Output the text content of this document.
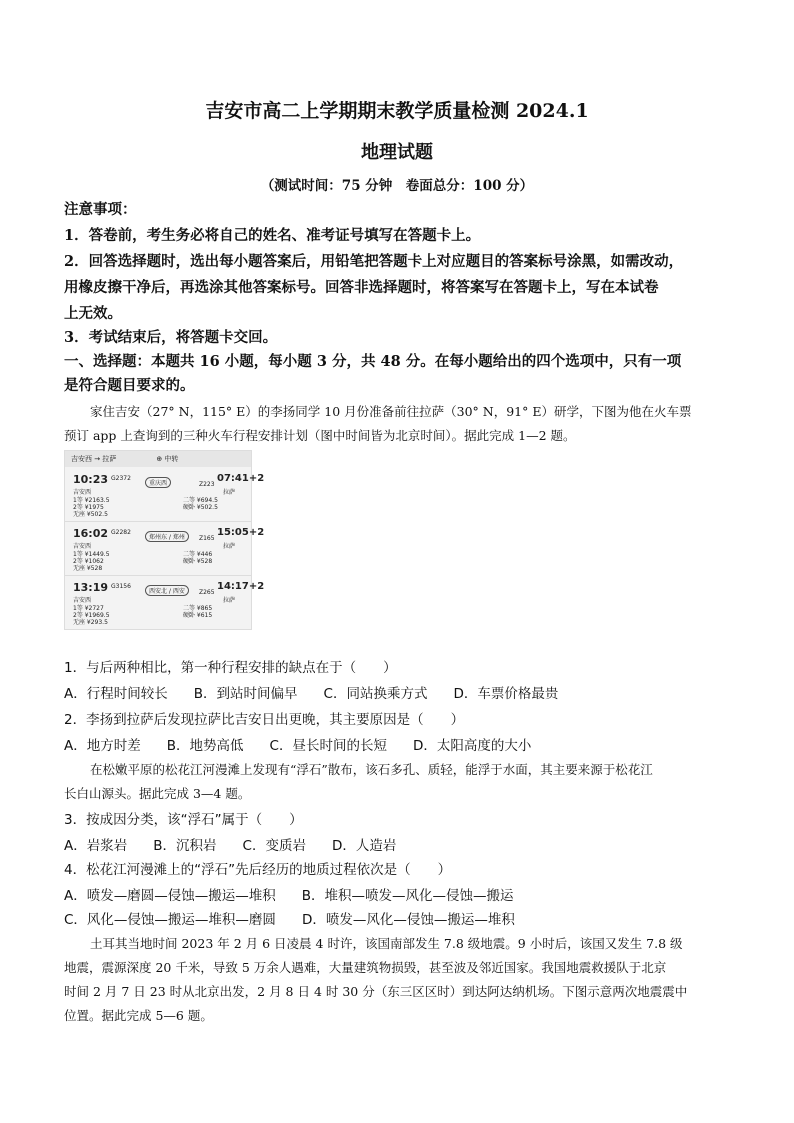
吉安市高二上学期期末教学质量检测 2024.1
地理试题
（测试时间：75 分钟　卷面总分：100 分）
注意事项：
1．答卷前，考生务必将自己的姓名、准考证号填写在答题卡上。
2．回答选择题时，选出每小题答案后，用铅笔把答题卡上对应题目的答案标号涂黑，如需改动，
用橡皮擦干净后，再选涂其他答案标号。回答非选择题时，将答案写在答题卡上，写在本试卷
上无效。
3．考试结束后，将答题卡交回。
一、选择题：本题共 16 小题，每小题 3 分，共 48 分。在每小题给出的四个选项中，只有一项
是符合题目要求的。
家住吉安（27° N，115° E）的李扬同学 10 月份准备前往拉萨（30° N，91° E）研学，下图为他在火车票
预订 app 上查询到的三种火车行程安排计划（图中时间皆为北京时间）。据此完成 1—2 题。
吉安西 → 拉萨	⊕ 中转
10:23
吉安西
G2372
重庆西	Z223
07:41+2
拉萨
1等 ¥2163.5
2等 ¥1975
无座 ¥502.5
二等 ¥694.5
硬卧 ¥502.5
16:02
吉安西
G2282
郑州东 / 郑州	Z165
15:05+2
拉萨
1等 ¥1449.5
2等 ¥1062
无座 ¥528
二等 ¥446
硬卧 ¥528
13:19
吉安西
G3156
西安北 / 西安	Z265
14:17+2
拉萨
1等 ¥2727
2等 ¥1969.5
无座 ¥293.5
二等 ¥865
硬卧 ¥615
1．与后两种相比，第一种行程安排的缺点在于（　　）
A．行程时间较长 B．到站时间偏早 C．同站换乘方式 D．车票价格最贵
2．李扬到拉萨后发现拉萨比吉安日出更晚，其主要原因是（　　）
A．地方时差 B．地势高低 C．昼长时间的长短 D．太阳高度的大小
在松嫩平原的松花江河漫滩上发现有“浮石”散布，该石多孔、质轻，能浮于水面，其主要来源于松花江
长白山源头。据此完成 3—4 题。
3．按成因分类，该“浮石”属于（　　）
A．岩浆岩 B．沉积岩 C．变质岩 D．人造岩
4．松花江河漫滩上的“浮石”先后经历的地质过程依次是（　　）
A．喷发—磨圆—侵蚀—搬运—堆积 B．堆积—喷发—风化—侵蚀—搬运
C．风化—侵蚀—搬运—堆积—磨圆 D．喷发—风化—侵蚀—搬运—堆积
土耳其当地时间 2023 年 2 月 6 日凌晨 4 时许，该国南部发生 7.8 级地震。9 小时后，该国又发生 7.8 级
地震，震源深度 20 千米，导致 5 万余人遇难，大量建筑物损毁，甚至波及邻近国家。我国地震救援队于北京
时间 2 月 7 日 23 时从北京出发，2 月 8 日 4 时 30 分（东三区区时）到达阿达纳机场。下图示意两次地震震中
位置。据此完成 5—6 题。
